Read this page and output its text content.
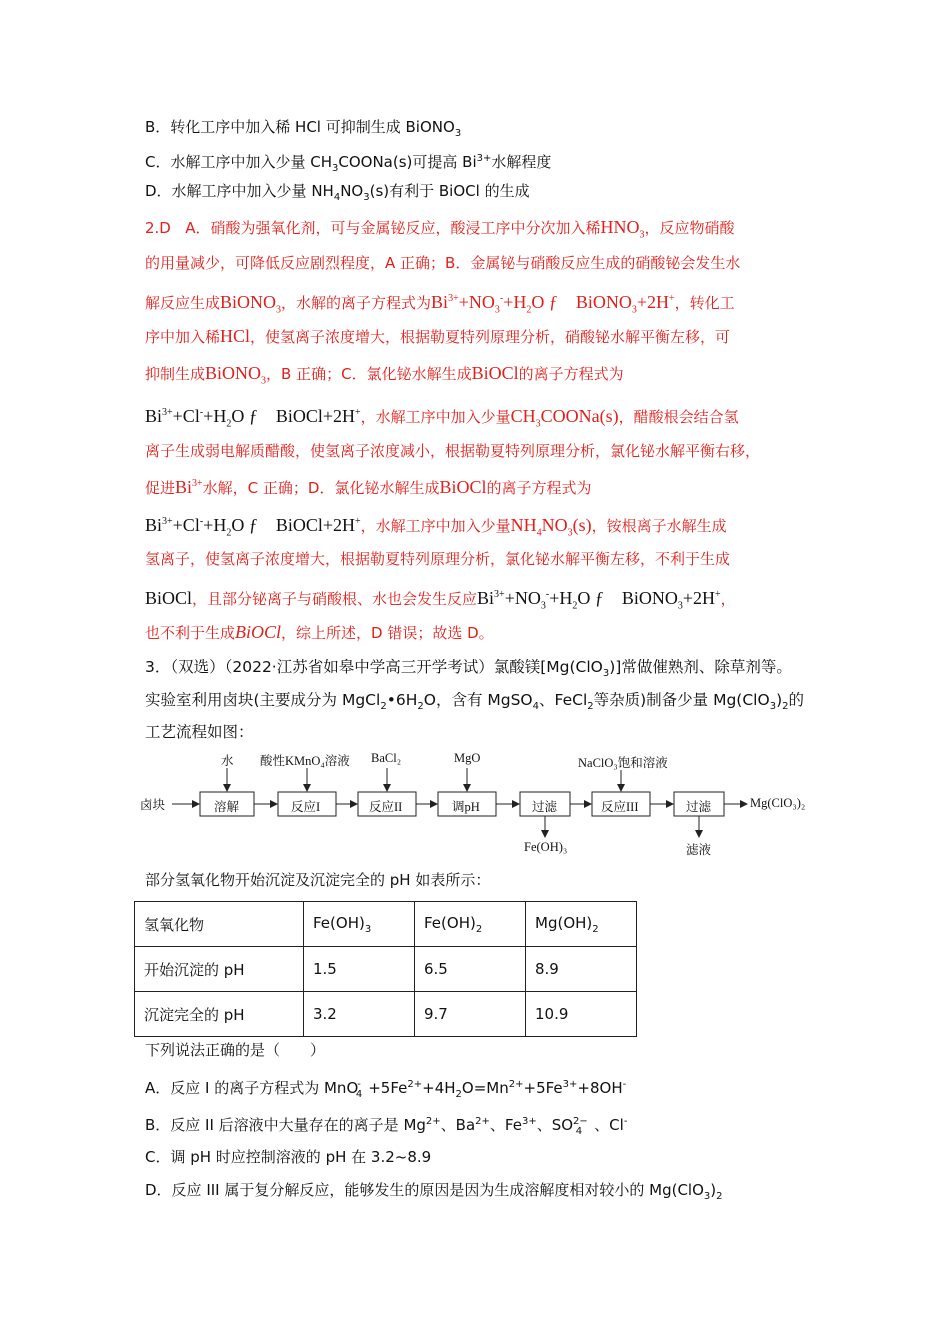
B．转化工序中加入稀 HCl 可抑制生成 BiONO$_3$
C．水解工序中加入少量 $CH_3COONa(s)$可提高 $Bi^{3+}$水解程度
D．水解工序中加入少量 $NH_4NO_3(s)$有利于 BiOCl 的生成
2.D A．硝酸为强氧化剂，可与金属铋反应，酸浸工序中分次加入稀$HNO_3$，反应物硝酸
的用量减少，可降低反应剧烈程度，A 正确；B．金属铋与硝酸反应生成的硝酸铋会发生水
解反应生成BiONO$_3$，水解的离子方程式为$Bi^{3+}+NO_3^-+H_2O$ ƒ    BiONO$_3$+2H+，转化工
序中加入稀HCl，使氢离子浓度增大，根据勒夏特列原理分析，硝酸铋水解平衡左移，可
抑制生成BiONO$_3$，B 正确；C．氯化铋水解生成BiOCl的离子方程式为
$Bi^{3+}+Cl^-+H_2O$ ƒ    BiOCl+2H+，水解工序中加入少量$CH_3COONa(s)$，醋酸根会结合氢
离子生成弱电解质醋酸，使氢离子浓度减小，根据勒夏特列原理分析，氯化铋水解平衡右移，
促进$Bi^{3+}$水解，C 正确；D．氯化铋水解生成BiOCl的离子方程式为
$Bi^{3+}+Cl^-+H_2O$ ƒ    BiOCl+2H+，水解工序中加入少量$NH_4NO_3(s)$，铵根离子水解生成
氢离子，使氢离子浓度增大，根据勒夏特列原理分析，氯化铋水解平衡左移，不利于生成
BiOCl，且部分铋离子与硝酸根、水也会发生反应$Bi^{3+}+NO_3^-+H_2O$ ƒ    BiONO$_3$+2H+，
也不利于生成BiOCl，综上所述，D 错误；故选 D。
3．（双选）（2022·江苏省如皋中学高三开学考试）氯酸镁[Mg(ClO$_3$)]常做催熟剂、除草剂等。
实验室利用卤块(主要成分为 $MgCl_2•6H_2O$，含有 MgSO$_4$、FeCl$_2$等杂质)制备少量 $Mg(ClO_3)_2$的
工艺流程如图：
卤块	溶解	反应I	反应II	调pH	过滤	反应III	过滤
水 酸性KMnO₄溶液 BaCl₂	MgO	NaClO₃饱和溶液
Mg(ClO₃)₂
Fe(OH)₃	滤液
部分氢氧化物开始沉淀及沉淀完全的 pH 如表所示：
氢氧化物	$Fe(OH)_3$	$Fe(OH)_2$	$Mg(OH)_2$
开始沉淀的 pH	1.5	6.5	8.9
沉淀完全的 pH	3.2	9.7	10.9
下列说法正确的是（　　）
A．反应 I 的离子方程式为 $MnO^-_4 +5Fe^{2+}+4H_2O=Mn^{2+}+5Fe^{3+}+8OH^-$
B．反应 II 后溶液中大量存在的离子是 $Mg^{2+}$、$Ba^{2+}$、$Fe^{3+}$、$SO^{2-}_4$ 、Cl-
C．调 pH 时应控制溶液的 pH 在 3.2~8.9
D．反应 III 属于复分解反应，能够发生的原因是因为生成溶解度相对较小的 $Mg(ClO_3)_2$
